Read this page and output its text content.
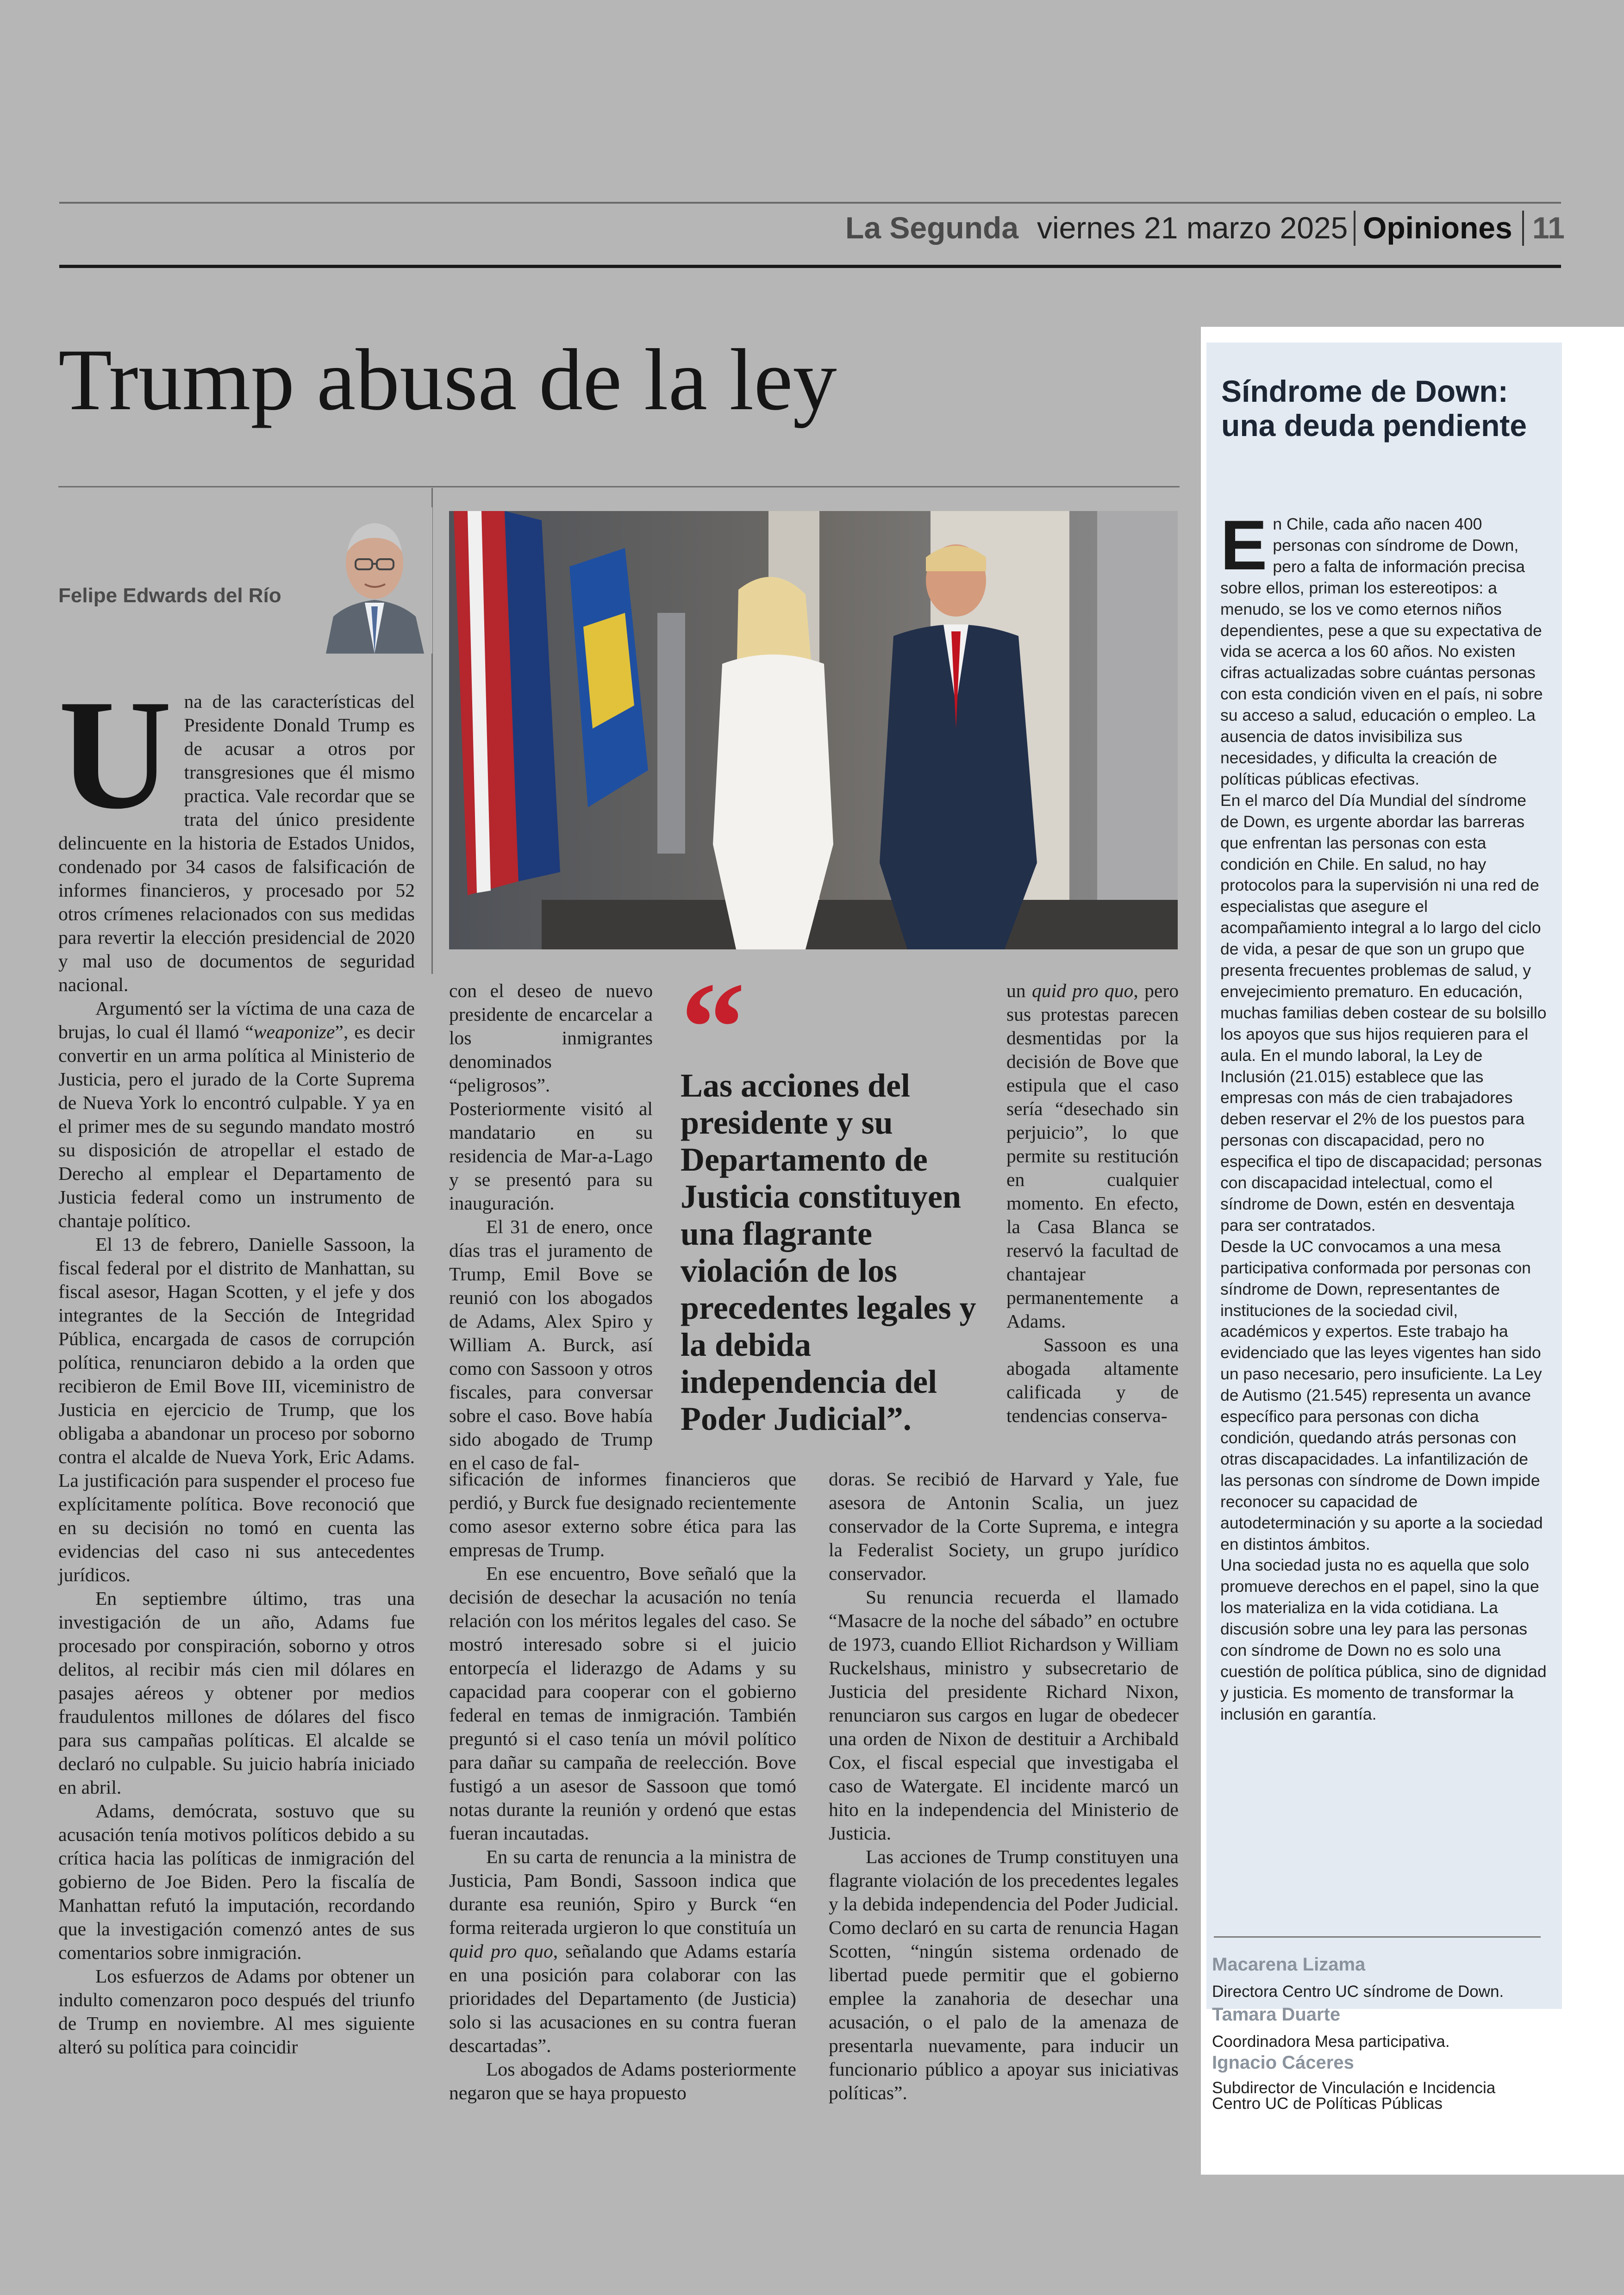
La Segunda viernes 21 marzo 2025 Opiniones 11
Trump abusa de la ley
Felipe Edwards del Río
U na de las características del Presidente Donald Trump es de acusar a otros por transgresiones que él mismo practica. Vale recordar que se trata del único presidente delincuente en la historia de Estados Unidos, condenado por 34 casos de falsificación de informes financieros, y procesado por 52 otros crímenes relacionados con sus medidas para revertir la elección presidencial de 2020 y mal uso de documentos de seguridad nacional.

Argumentó ser la víctima de una caza de brujas, lo cual él llamó “weaponize”, es decir convertir en un arma política al Ministerio de Justicia, pero el jurado de la Corte Suprema de Nueva York lo encontró culpable. Y ya en el primer mes de su segundo mandato mostró su disposición de atropellar el estado de Derecho al emplear el Departamento de Justicia federal como un instrumento de chantaje político.

El 13 de febrero, Danielle Sassoon, la fiscal federal por el distrito de Manhattan, su fiscal asesor, Hagan Scotten, y el jefe y dos integrantes de la Sección de Integridad Pública, encargada de casos de corrupción política, renunciaron debido a la orden que recibieron de Emil Bove III, viceministro de Justicia en ejercicio de Trump, que los obligaba a abandonar un proceso por soborno contra el alcalde de Nueva York, Eric Adams. La justificación para suspender el proceso fue explícitamente política. Bove reconoció que en su decisión no tomó en cuenta las evidencias del caso ni sus antecedentes jurídicos.

En septiembre último, tras una investigación de un año, Adams fue procesado por conspiración, soborno y otros delitos, al recibir más cien mil dólares en pasajes aéreos y obtener por medios fraudulentos millones de dólares del fisco para sus campañas políticas. El alcalde se declaró no culpable. Su juicio habría iniciado en abril.

Adams, demócrata, sostuvo que su acusación tenía motivos políticos debido a su crítica hacia las políticas de inmigración del gobierno de Joe Biden. Pero la fiscalía de Manhattan refutó la imputación, recordando que la investigación comenzó antes de sus comentarios sobre inmigración.

Los esfuerzos de Adams por obtener un indulto comenzaron poco después del triunfo de Trump en noviembre. Al mes siguiente alteró su política para coincidir

con el deseo de nuevo presidente de encarcelar a los inmigrantes denominados “peligrosos”. Posteriormente visitó al mandatario en su residencia de Mar-a-Lago y se presentó para su inauguración.

El 31 de enero, once días tras el juramento de Trump, Emil Bove se reunió con los abogados de Adams, Alex Spiro y William A. Burck, así como con Sassoon y otros fiscales, para conversar sobre el caso. Bove había sido abogado de Trump en el caso de fal-

“
Las acciones del presidente y su Departamento de Justicia constituyen una flagrante violación de los precedentes legales y la debida independencia del Poder Judicial”.

un quid pro quo, pero sus protestas parecen desmentidas por la decisión de Bove que estipula que el caso sería “desechado sin perjuicio”, lo que permite su restitución en cualquier momento. En efecto, la Casa Blanca se reservó la facultad de chantajear permanentemente a Adams.

Sassoon es una abogada altamente calificada y de tendencias conserva-

sificación de informes financieros que perdió, y Burck fue designado recientemente como asesor externo sobre ética para las empresas de Trump.

En ese encuentro, Bove señaló que la decisión de desechar la acusación no tenía relación con los méritos legales del caso. Se mostró interesado sobre si el juicio entorpecía el liderazgo de Adams y su capacidad para cooperar con el gobierno federal en temas de inmigración. También preguntó si el caso tenía un móvil político para dañar su campaña de reelección. Bove fustigó a un asesor de Sassoon que tomó notas durante la reunión y ordenó que estas fueran incautadas.

En su carta de renuncia a la ministra de Justicia, Pam Bondi, Sassoon indica que durante esa reunión, Spiro y Burck “en forma reiterada urgieron lo que constituía un quid pro quo, señalando que Adams estaría en una posición para colaborar con las prioridades del Departamento (de Justicia) solo si las acusaciones en su contra fueran descartadas”.

Los abogados de Adams posteriormente negaron que se haya propuesto

doras. Se recibió de Harvard y Yale, fue asesora de Antonin Scalia, un juez conservador de la Corte Suprema, e integra la Federalist Society, un grupo jurídico conservador.

Su renuncia recuerda el llamado “Masacre de la noche del sábado” en octubre de 1973, cuando Elliot Richardson y William Ruckelshaus, ministro y subsecretario de Justicia del presidente Richard Nixon, renunciaron sus cargos en lugar de obedecer una orden de Nixon de destituir a Archibald Cox, el fiscal especial que investigaba el caso de Watergate. El incidente marcó un hito en la independencia del Ministerio de Justicia.

Las acciones de Trump constituyen una flagrante violación de los precedentes legales y la debida independencia del Poder Judicial. Como declaró en su carta de renuncia Hagan Scotten, “ningún sistema ordenado de libertad puede permitir que el gobierno emplee la zanahoria de desechar una acusación, o el palo de la amenaza de presentarla nuevamente, para inducir un funcionario público a apoyar sus iniciativas políticas”.

Síndrome de Down: una deuda pendiente
E n Chile, cada año nacen 400 personas con síndrome de Down, pero a falta de información precisa sobre ellos, priman los estereotipos: a menudo, se los ve como eternos niños dependientes, pese a que su expectativa de vida se acerca a los 60 años. No existen cifras actualizadas sobre cuántas personas con esta condición viven en el país, ni sobre su acceso a salud, educación o empleo. La ausencia de datos invisibiliza sus necesidades, y dificulta la creación de políticas públicas efectivas.

En el marco del Día Mundial del síndrome de Down, es urgente abordar las barreras que enfrentan las personas con esta condición en Chile. En salud, no hay protocolos para la supervisión ni una red de especialistas que asegure el acompañamiento integral a lo largo del ciclo de vida, a pesar de que son un grupo que presenta frecuentes problemas de salud, y envejecimiento prematuro. En educación, muchas familias deben costear de su bolsillo los apoyos que sus hijos requieren para el aula. En el mundo laboral, la Ley de Inclusión (21.015) establece que las empresas con más de cien trabajadores deben reservar el 2% de los puestos para personas con discapacidad, pero no especifica el tipo de discapacidad; personas con discapacidad intelectual, como el síndrome de Down, estén en desventaja para ser contratados.

Desde la UC convocamos a una mesa participativa conformada por personas con síndrome de Down, representantes de instituciones de la sociedad civil, académicos y expertos. Este trabajo ha evidenciado que las leyes vigentes han sido un paso necesario, pero insuficiente. La Ley de Autismo (21.545) representa un avance específico para personas con dicha condición, quedando atrás personas con otras discapacidades. La infantilización de las personas con síndrome de Down impide reconocer su capacidad de autodeterminación y su aporte a la sociedad en distintos ámbitos.

Una sociedad justa no es aquella que solo promueve derechos en el papel, sino la que los materializa en la vida cotidiana. La discusión sobre una ley para las personas con síndrome de Down no es solo una cuestión de política pública, sino de dignidad y justicia. Es momento de transformar la inclusión en garantía.

Macarena Lizama
Directora Centro UC síndrome de Down.
Tamara Duarte
Coordinadora Mesa participativa.
Ignacio Cáceres
Subdirector de Vinculación e Incidencia Centro UC de Políticas Públicas
